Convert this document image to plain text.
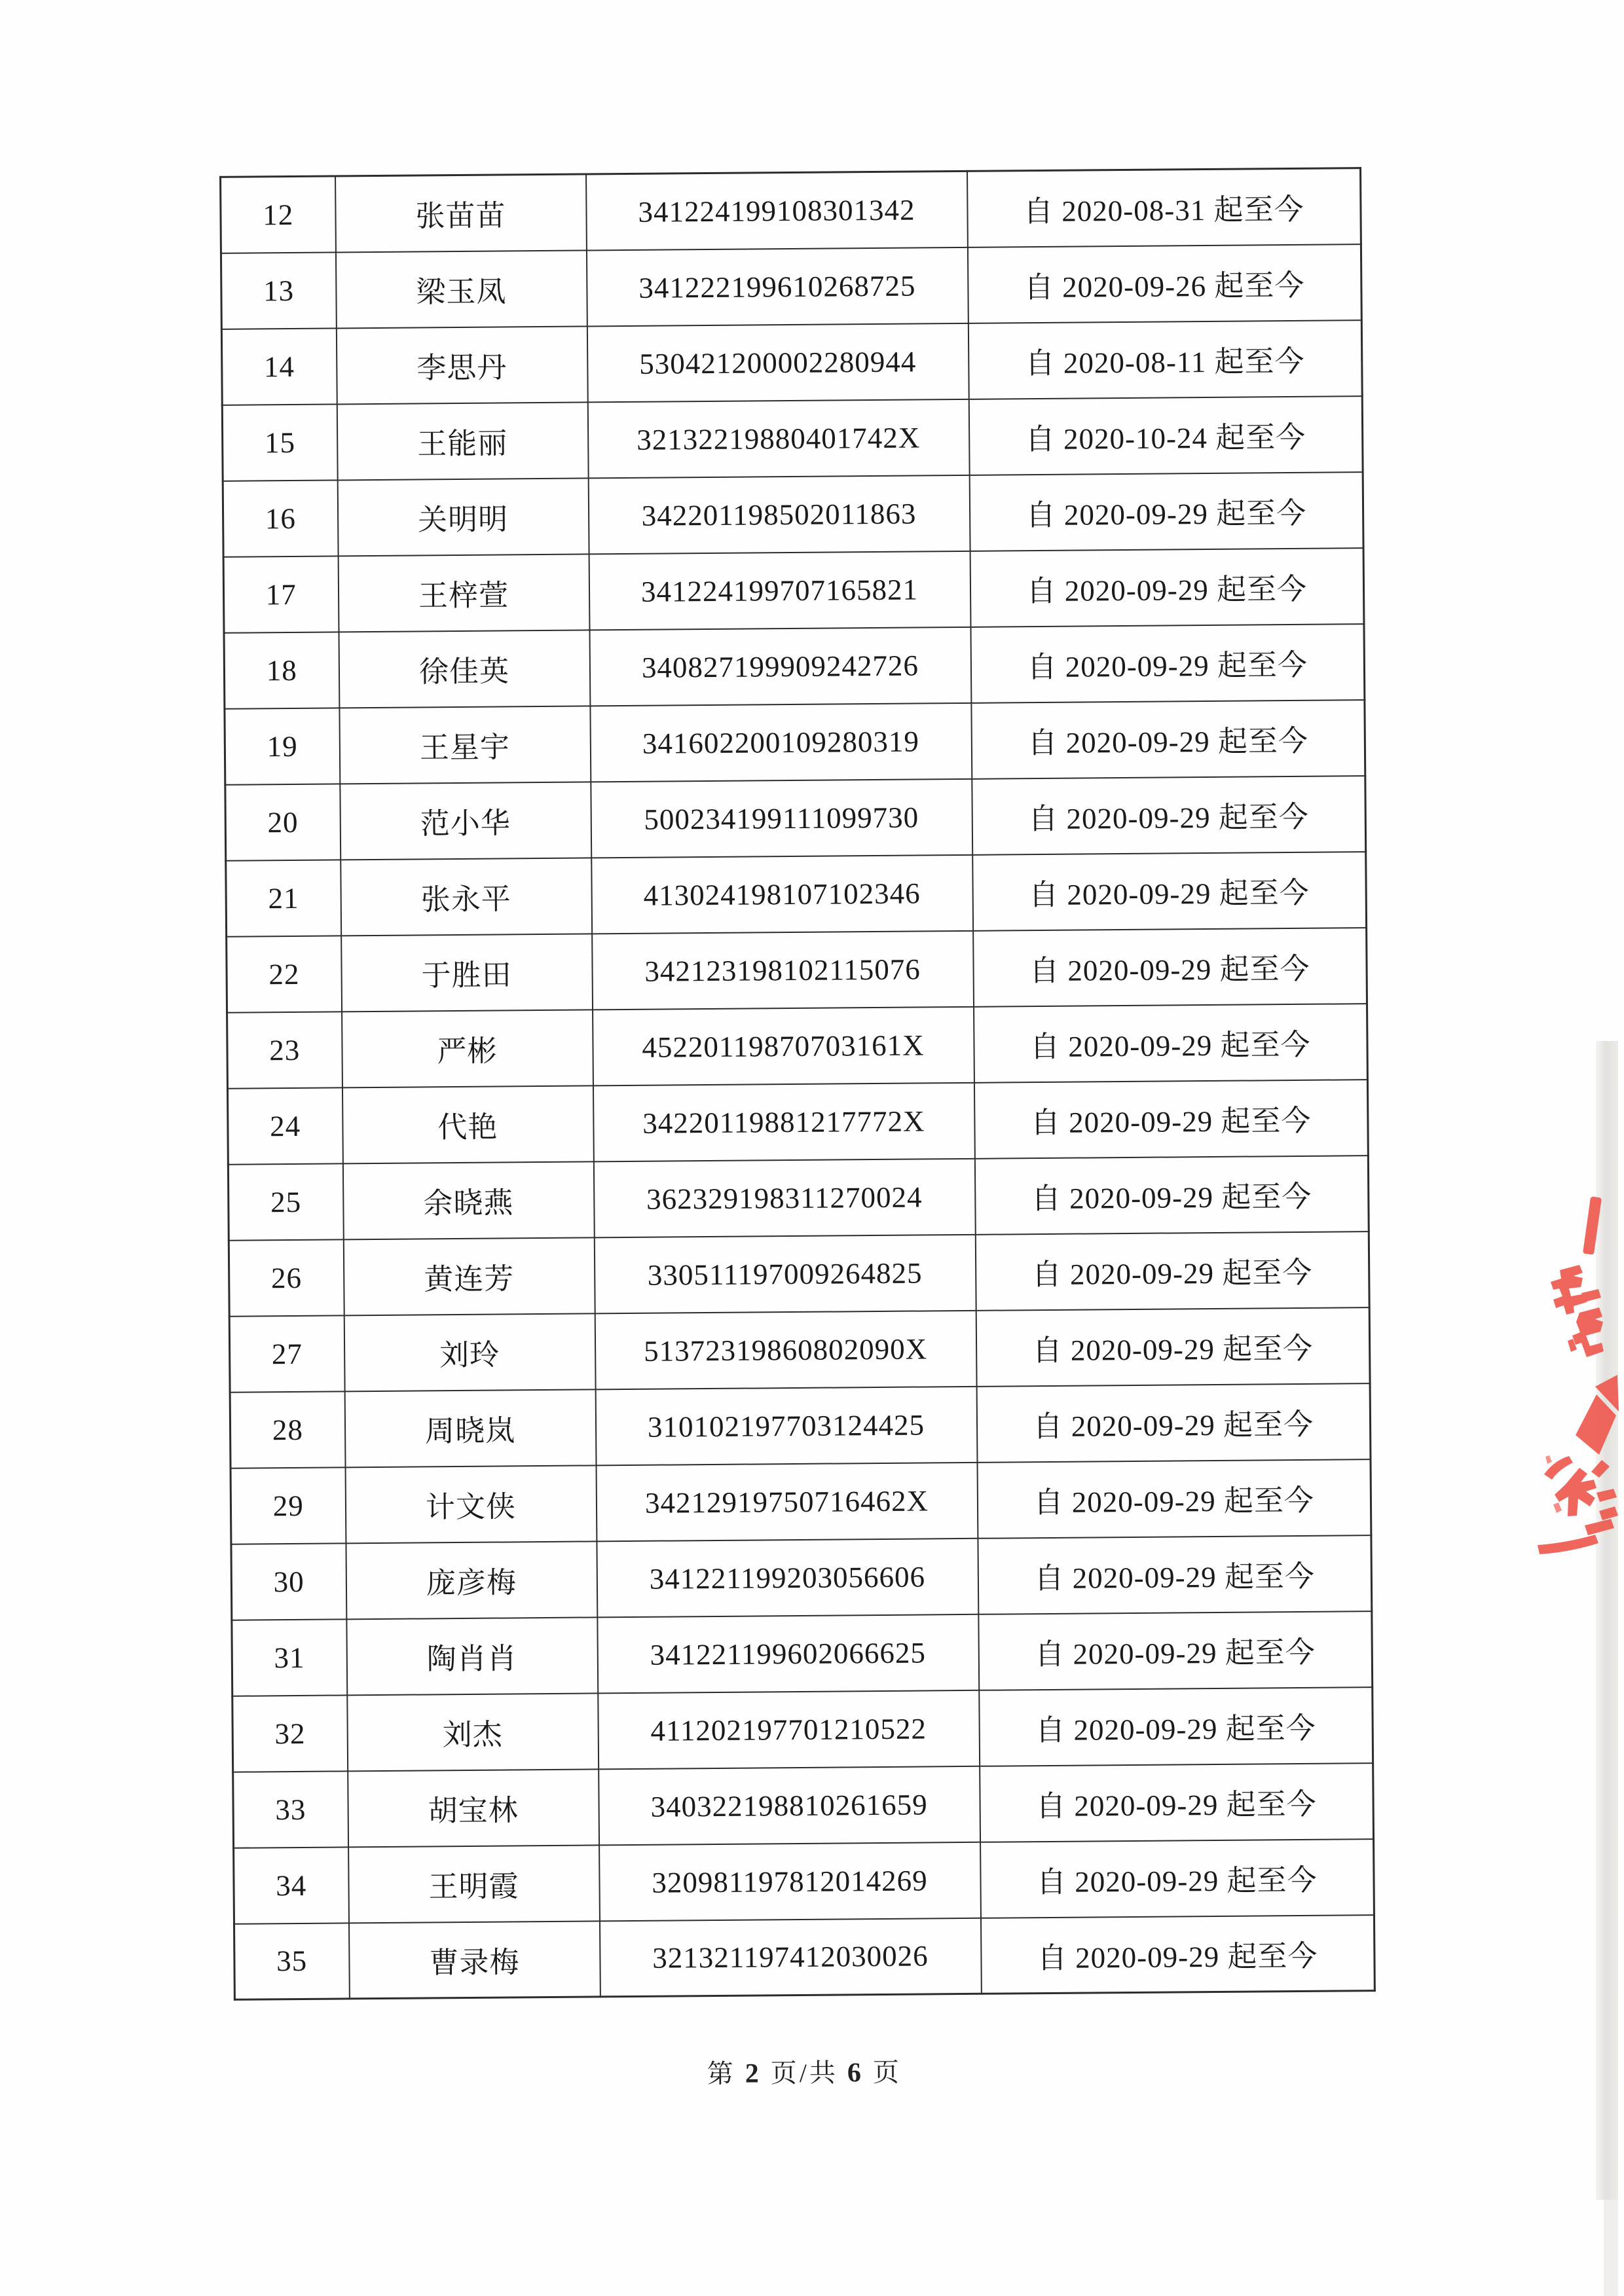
12	张苗苗	341224199108301342	自 2020-08-31 起至今
13	梁玉凤	341222199610268725	自 2020-09-26 起至今
14	李思丹	530421200002280944	自 2020-08-11 起至今
15	王能丽	32132219880401742X	自 2020-10-24 起至今
16	关明明	342201198502011863	自 2020-09-29 起至今
17	王梓萱	341224199707165821	自 2020-09-29 起至今
18	徐佳英	340827199909242726	自 2020-09-29 起至今
19	王星宇	341602200109280319	自 2020-09-29 起至今
20	范小华	500234199111099730	自 2020-09-29 起至今
21	张永平	413024198107102346	自 2020-09-29 起至今
22	于胜田	342123198102115076	自 2020-09-29 起至今
23	严彬	45220119870703161X	自 2020-09-29 起至今
24	代艳	34220119881217772X	自 2020-09-29 起至今
25	余晓燕	362329198311270024	自 2020-09-29 起至今
26	黄连芳	330511197009264825	自 2020-09-29 起至今
27	刘玲	51372319860802090X	自 2020-09-29 起至今
28	周晓岚	310102197703124425	自 2020-09-29 起至今
29	计文侠	34212919750716462X	自 2020-09-29 起至今
30	庞彦梅	341221199203056606	自 2020-09-29 起至今
31	陶肖肖	341221199602066625	自 2020-09-29 起至今
32	刘杰	411202197701210522	自 2020-09-29 起至今
33	胡宝林	340322198810261659	自 2020-09-29 起至今
34	王明霞	320981197812014269	自 2020-09-29 起至今
35	曹录梅	321321197412030026	自 2020-09-29 起至今
第 2 页/共 6 页
